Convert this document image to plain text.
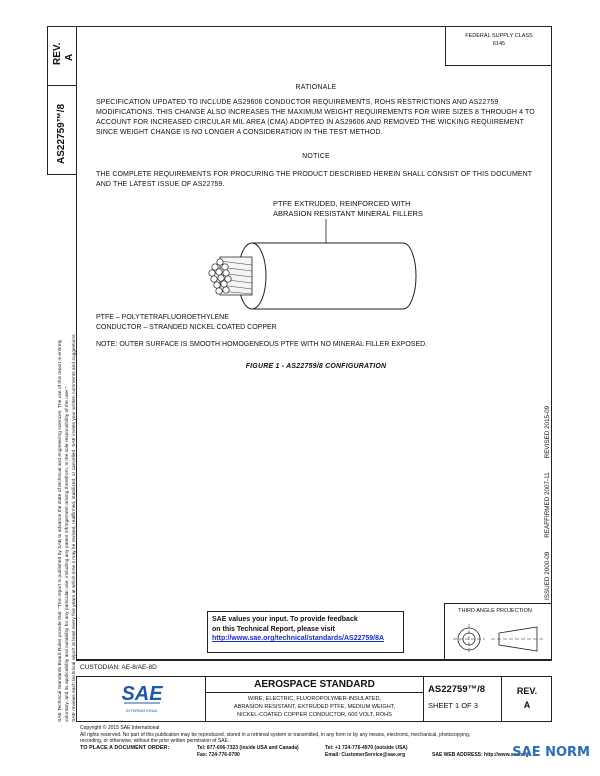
REV. A
AS22759™/8
SAE Technical Standards Board Rules provide that: "This report is published by SAE to advance the state of technical and engineering sciences. The use of this report is entirely voluntary, and its applicability and suitability for any particular use, including any patent infringement arising therefrom, is the sole responsibility of the user." SAE reviews each technical report at least every five years at which time it may be revised, reaffirmed, stabilized, or cancelled. SAE invites your written comments and suggestions.
FEDERAL SUPPLY CLASS
6145
RATIONALE
SPECIFICATION UPDATED TO INCLUDE AS29606 CONDUCTOR REQUIREMENTS, ROHS RESTRICTIONS AND AS22759 MODIFICATIONS. THIS CHANGE ALSO INCREASES THE MAXIMUM WEIGHT REQUIREMENTS FOR WIRE SIZES 8 THROUGH 4 TO ACCOUNT FOR INCREASED CIRCULAR MIL AREA (CMA) ADOPTED IN AS29606 AND REMOVED THE WICKING REQUIREMENT SINCE WEIGHT CHANGE IS NO LONGER A CONSIDERATION IN THE TEST METHOD.
NOTICE
THE COMPLETE REQUIREMENTS FOR PROCURING THE PRODUCT DESCRIBED HEREIN SHALL CONSIST OF THIS DOCUMENT AND THE LATEST ISSUE OF AS22759.
PTFE EXTRUDED, REINFORCED WITH
ABRASION RESISTANT MINERAL FILLERS
PTFE – POLYTETRAFLUOROETHYLENE
CONDUCTOR – STRANDED NICKEL COATED COPPER
NOTE: OUTER SURFACE IS SMOOTH HOMOGENEOUS PTFE WITH NO MINERAL FILLER EXPOSED.
FIGURE 1 - AS22759/8 CONFIGURATION
ISSUED 2000-09        REAFFIRMED 2007-11        REVISED 2015-09
SAE values your input. To provide feedback
on this Technical Report, please visit
http://www.sae.org/technical/standards/AS22759/8A
THIRD ANGLE PROJECTION
CUSTODIAN: AE-8/AE-8D
SAE
INTERNATIONAL
AEROSPACE STANDARD
WIRE, ELECTRIC, FLUOROPOLYMER-INSULATED,
ABRASION RESISTANT, EXTRUDED PTFE, MEDIUM WEIGHT,
NICKEL-COATED COPPER CONDUCTOR, 600 VOLT, ROHS
AS22759™/8
SHEET 1 OF 3
REV.
A
Copyright © 2015 SAE International
All rights reserved. No part of this publication may be reproduced, stored in a retrieval system or transmitted, in any form or by any means, electronic, mechanical, photocopying,
recording, or otherwise, without the prior written permission of SAE.
TO PLACE A DOCUMENT ORDER:	Tel: 877-606-7323 (inside USA and Canada)
Fax: 724-776-0790
Tel: +1 724-776-4970 (outside USA)
Email: CustomerService@sae.org	SAE WEB ADDRESS: http://www.sae.org
SAE NORM
